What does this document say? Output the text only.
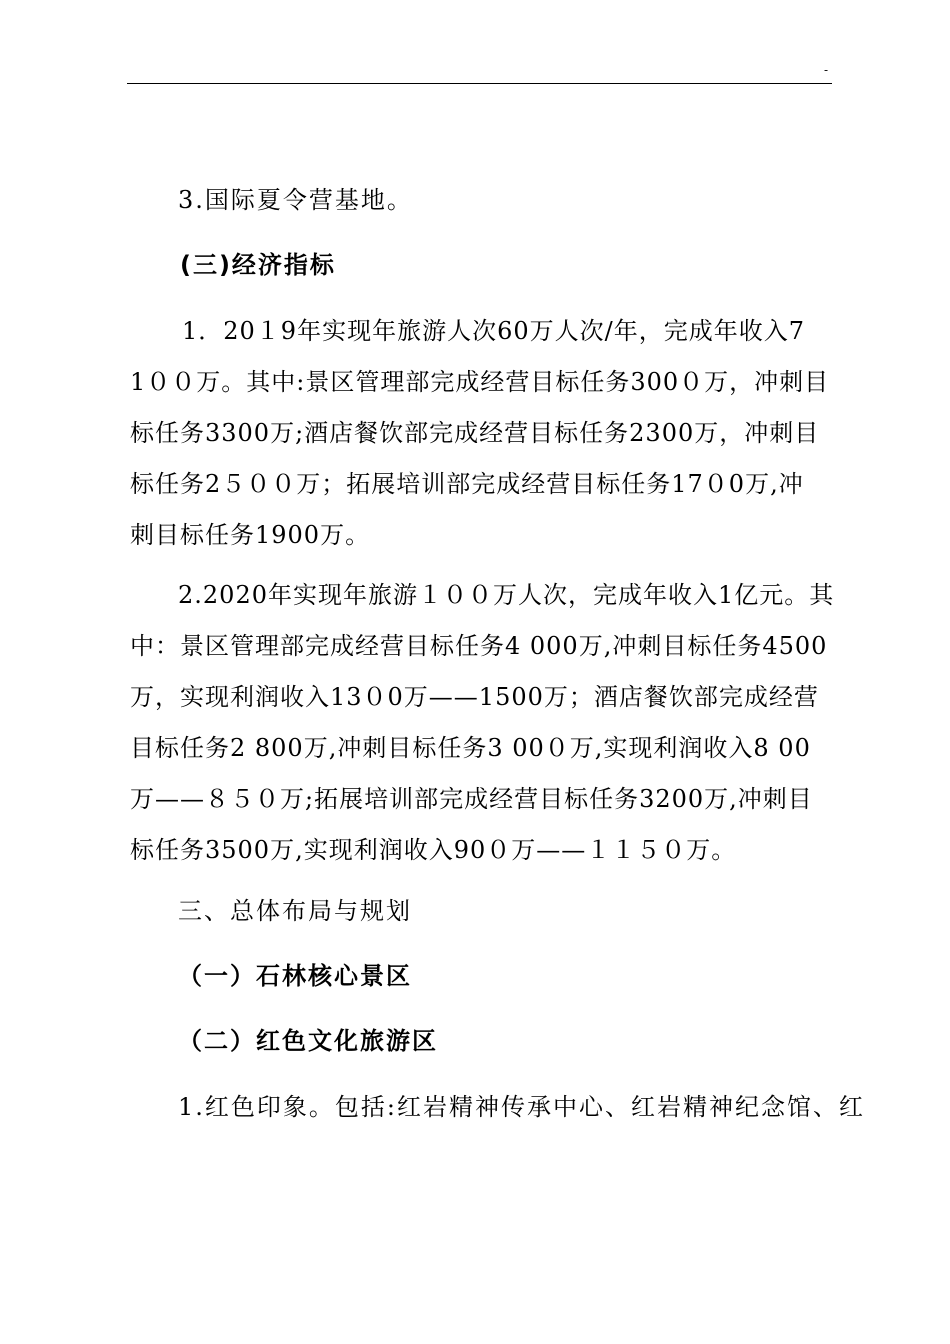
-
3.国际夏令营基地。
(三)经济指标
1．20１9年实现年旅游人次60万人次/年，完成年收入7
1００万。其中:景区管理部完成经营目标任务300０万，冲刺目
标任务3300万;酒店餐饮部完成经营目标任务2300万，冲刺目
标任务2５００万；拓展培训部完成经营目标任务17０0万,冲
刺目标任务1900万。
2.2020年实现年旅游１００万人次，完成年收入1亿元。其
中：景区管理部完成经营目标任务4 000万,冲刺目标任务4500
万，实现利润收入13０0万——1500万；酒店餐饮部完成经营
目标任务2 800万,冲刺目标任务3 00０万,实现利润收入8 00
万——８５０万;拓展培训部完成经营目标任务3200万,冲刺目
标任务3500万,实现利润收入90０万——１１５０万。
三、总体布局与规划
（一）石林核心景区
（二）红色文化旅游区
1.红色印象。包括:红岩精神传承中心、红岩精神纪念馆、红
